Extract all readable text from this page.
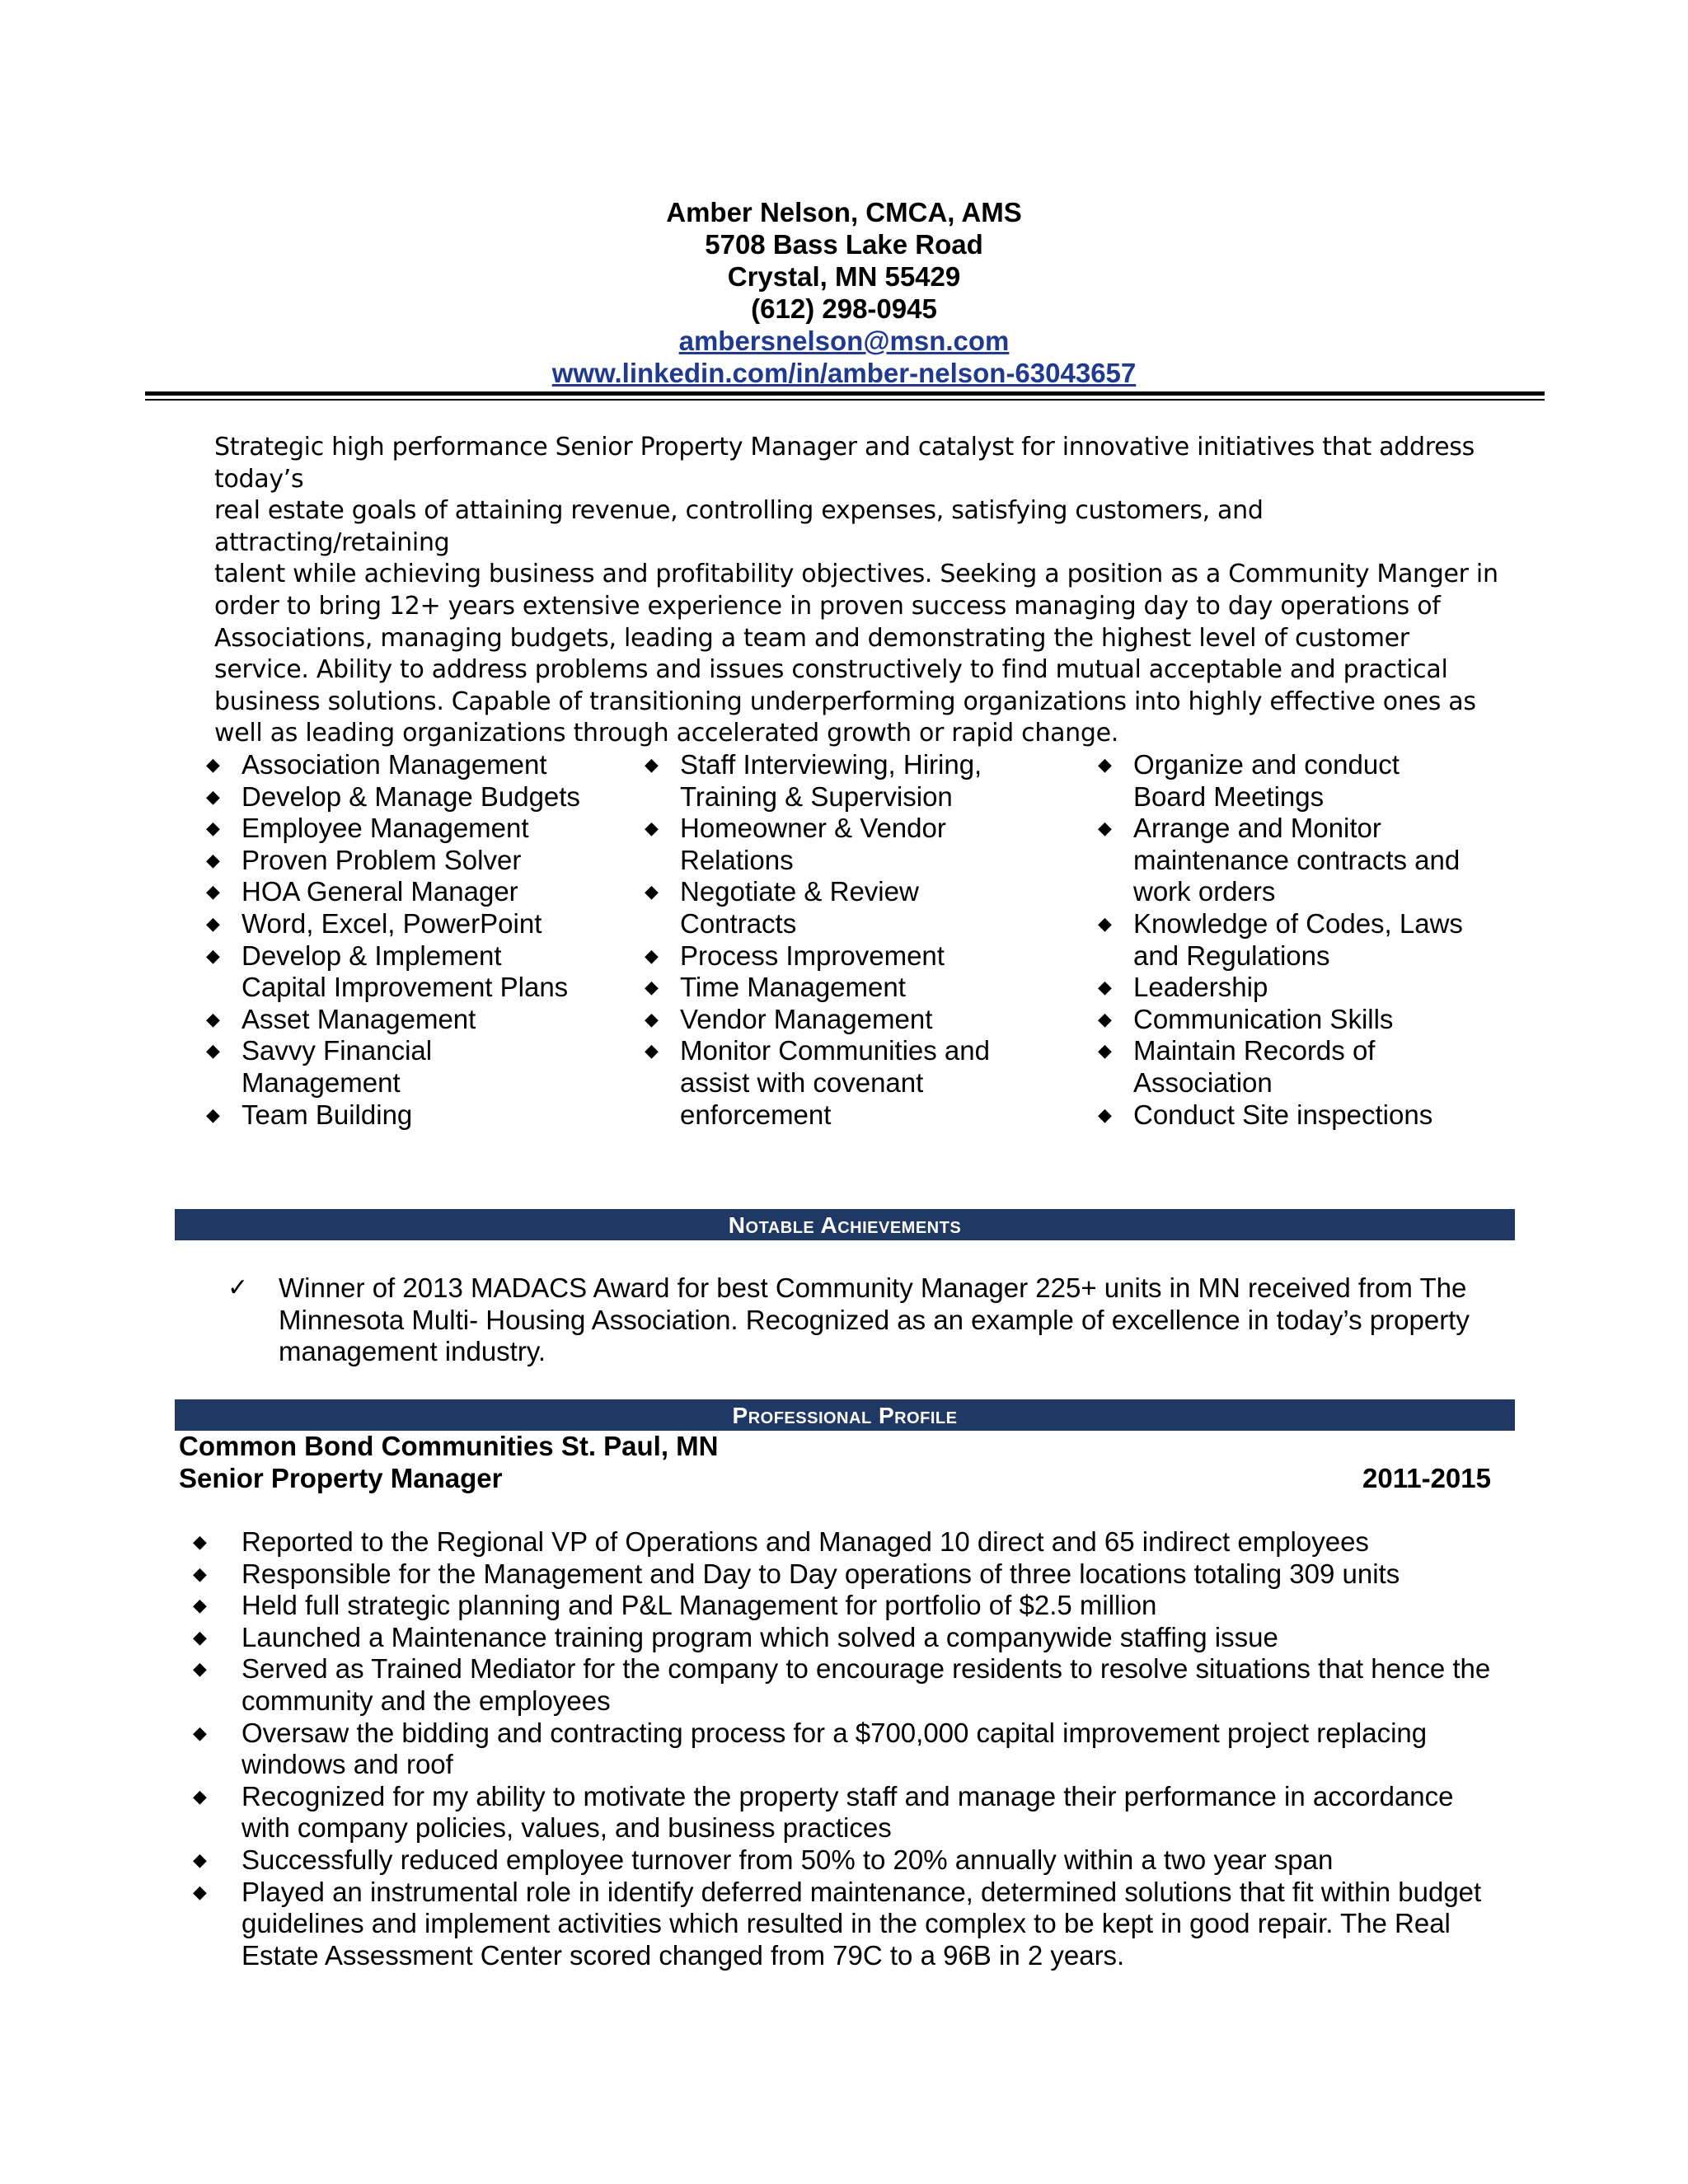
Amber Nelson, CMCA, AMS
5708 Bass Lake Road
Crystal, MN 55429
(612) 298-0945
ambersnelson@msn.com
www.linkedin.com/in/amber-nelson-63043657
Strategic high performance Senior Property Manager and catalyst for innovative initiatives that address today’s
real estate goals of attaining revenue, controlling expenses, satisfying customers, and attracting/retaining
talent while achieving business and profitability objectives. Seeking a position as a Community Manger in
order to bring 12+ years extensive experience in proven success managing day to day operations of
Associations, managing budgets, leading a team and demonstrating the highest level of customer
service. Ability to address problems and issues constructively to find mutual acceptable and practical
business solutions. Capable of transitioning underperforming organizations into highly effective ones as
well as leading organizations through accelerated growth or rapid change.
◆ Association Management
◆ Develop & Manage Budgets
◆ Employee Management
◆ Proven Problem Solver
◆ HOA General Manager
◆ Word, Excel, PowerPoint
◆ Develop & Implement
Capital Improvement Plans
◆ Asset Management
◆ Savvy Financial
Management
◆ Team Building
◆ Staff Interviewing, Hiring,
Training & Supervision
◆ Homeowner & Vendor
Relations
◆ Negotiate & Review
Contracts
◆ Process Improvement
◆ Time Management
◆ Vendor Management
◆ Monitor Communities and
assist with covenant
enforcement
◆ Organize and conduct
Board Meetings
◆ Arrange and Monitor
maintenance contracts and
work orders
◆ Knowledge of Codes, Laws
and Regulations
◆ Leadership
◆ Communication Skills
◆ Maintain Records of
Association
◆ Conduct Site inspections
Notable Achievements
✓ Winner of 2013 MADACS Award for best Community Manager 225+ units in MN received from The
Minnesota Multi- Housing Association. Recognized as an example of excellence in today’s property
management industry.
Professional Profile
Common Bond Communities St. Paul, MN
Senior Property Manager	2011-2015
◆ Reported to the Regional VP of Operations and Managed 10 direct and 65 indirect employees
◆ Responsible for the Management and Day to Day operations of three locations totaling 309 units
◆ Held full strategic planning and P&L Management for portfolio of $2.5 million
◆ Launched a Maintenance training program which solved a companywide staffing issue
◆ Served as Trained Mediator for the company to encourage residents to resolve situations that hence the
community and the employees
◆ Oversaw the bidding and contracting process for a $700,000 capital improvement project replacing
windows and roof
◆ Recognized for my ability to motivate the property staff and manage their performance in accordance
with company policies, values, and business practices
◆ Successfully reduced employee turnover from 50% to 20% annually within a two year span
◆ Played an instrumental role in identify deferred maintenance, determined solutions that fit within budget
guidelines and implement activities which resulted in the complex to be kept in good repair. The Real
Estate Assessment Center scored changed from 79C to a 96B in 2 years.
